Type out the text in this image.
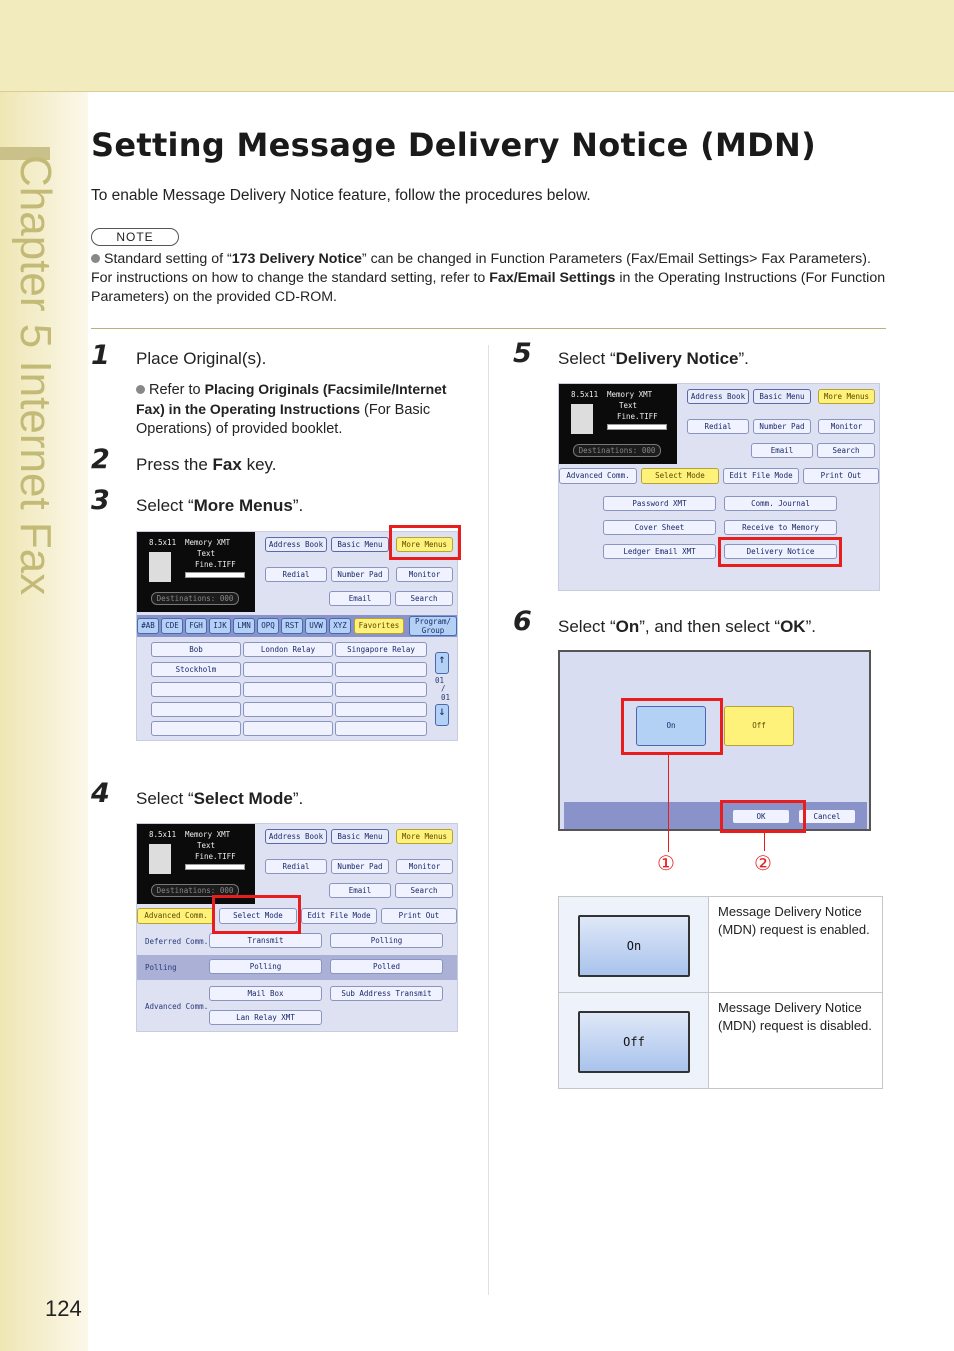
Chapter 5 Internet Fax
124
Setting Message Delivery Notice (MDN)
To enable Message Delivery Notice feature, follow the procedures below.
NOTE
Standard setting of “173 Delivery Notice” can be changed in Function Parameters (Fax/Email Settings> Fax Parameters). For instructions on how to change the standard setting, refer to Fax/Email Settings in the Operating Instructions (For Function Parameters) on the provided CD-ROM.
1 Place Original(s).
Refer to Placing Originals (Facsimile/Internet Fax) in the Operating Instructions (For Basic Operations) of provided booklet.
2 Press the Fax key.
3 Select “More Menus”.
8.5x11 Memory XMT
Text
Fine.TIFF
Destinations: 000
Address Book	Basic Menu	More Menus
Redial	Number Pad	Monitor
Email	Search
#AB	CDE	FGH	IJK	LMN	OPQ	RST	UVW	XYZ	Favorites	Program/ Group
Bob	London Relay	Singapore Relay
Stockholm
↑
01
/
01
↓
4 Select “Select Mode”.
8.5x11 Memory XMT
Text
Fine.TIFF
Destinations: 000
Address Book	Basic Menu	More Menus
Redial	Number Pad	Monitor
Email	Search
Advanced Comm.	Select Mode	Edit File Mode	Print Out
Deferred Comm.	Transmit	Polling
Polling	Polling	Polled
Advanced Comm.
Mail Box	Sub Address Transmit
Lan Relay XMT
5 Select “Delivery Notice”.
8.5x11 Memory XMT
Text
Fine.TIFF
Destinations: 000
Address Book	Basic Menu	More Menus
Redial	Number Pad	Monitor
Email	Search
Advanced Comm.	Select Mode	Edit File Mode	Print Out
Password XMT	Comm. Journal
Cover Sheet	Receive to Memory
Ledger Email XMT	Delivery Notice
6 Select “On”, and then select “OK”.
On	Off
OK	Cancel
①	②
On	Message Delivery Notice (MDN) request is enabled.

Off	Message Delivery Notice (MDN) request is disabled.
